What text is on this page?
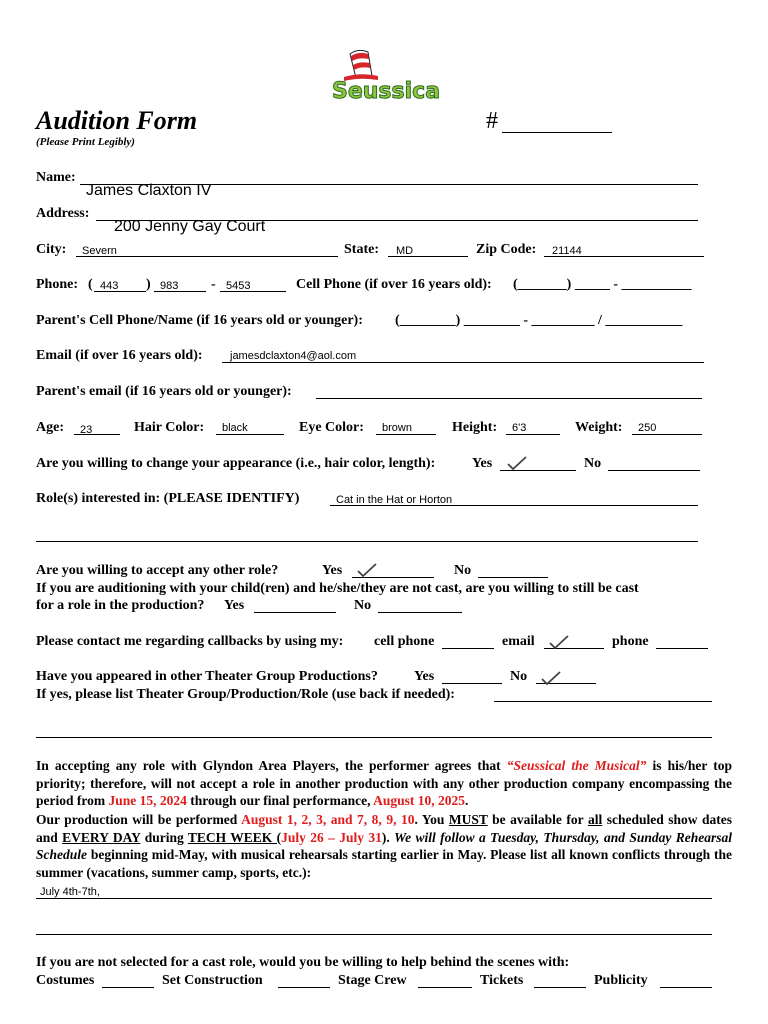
Seussical
Audition Form
(Please Print Legibly)
#
Name:
James Claxton IV
Address:
200 Jenny Gay Court
City: Severn	State: MD	Zip Code: 21144
Phone: ( 443 ) 983 - 5453	Cell Phone (if over 16 years old): (_______) _____ - __________
Parent's Cell Phone/Name (if 16 years old or younger): (________) ________ - _________ / ___________
Email (if over 16 years old): jamesdclaxton4@aol.com
Parent's email (if 16 years old or younger):
Age: 23	Hair Color: black	Eye Color: brown	Height: 6'3	Weight: 250
Are you willing to change your appearance (i.e., hair color, length):	Yes	No
Role(s) interested in: (PLEASE IDENTIFY)	Cat in the Hat or Horton
Are you willing to accept any other role?	Yes	No
If you are auditioning with your child(ren) and he/she/they are not cast, are you willing to still be cast
for a role in the production? Yes	No
Please contact me regarding callbacks by using my: cell phone	email	phone
Have you appeared in other Theater Group Productions?	Yes	No
If yes, please list Theater Group/Production/Role (use back if needed):
In accepting any role with Glyndon Area Players, the performer agrees that “Seussical the Musical” is his/her top priority; therefore, will not accept a role in another production with any other production company encompassing the period from June 15, 2024 through our final performance, August 10, 2025.
Our production will be performed August 1, 2, 3, and 7, 8, 9, 10. You MUST be available for all scheduled show dates and EVERY DAY during TECH WEEK (July 26 – July 31). We will follow a Tuesday, Thursday, and Sunday Rehearsal Schedule beginning mid-May, with musical rehearsals starting earlier in May. Please list all known conflicts through the summer (vacations, summer camp, sports, etc.):
July 4th-7th,
If you are not selected for a cast role, would you be willing to help behind the scenes with:
Costumes	Set Construction	Stage Crew	Tickets	Publicity
